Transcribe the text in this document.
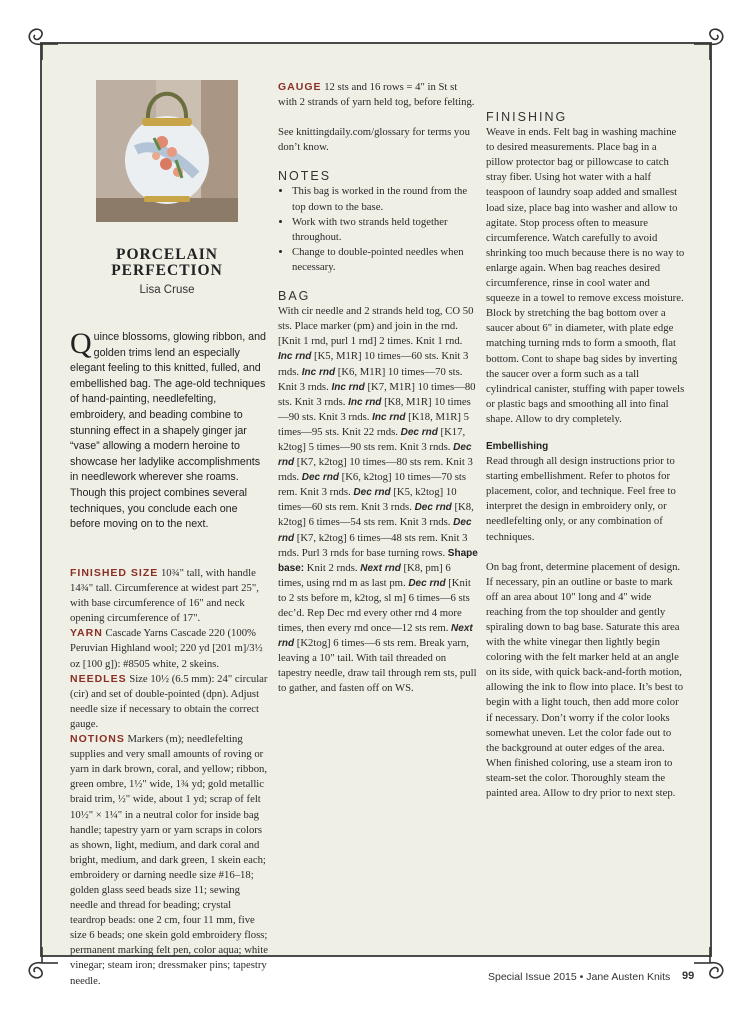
PORCELAIN
PERFECTION
Lisa Cruse
Quince blossoms, glowing ribbon, and golden trims lend an especially elegant feeling to this knitted, fulled, and embellished bag. The age-old techniques of hand-painting, needlefelting, embroidery, and beading combine to stunning effect in a shapely ginger jar “vase” allowing a modern heroine to showcase her ladylike accomplishments in needlework wherever she roams. Though this project combines several techniques, you conclude each one before moving on to the next.

FINISHED SIZE 10¾" tall, with handle 14¾" tall. Circumference at widest part 25", with base circumference of 16" and neck opening circumference of 17".

YARN Cascade Yarns Cascade 220 (100% Peruvian Highland wool; 220 yd [201 m]/3½ oz [100 g]): #8505 white, 2 skeins.

NEEDLES Size 10½ (6.5 mm): 24" circular (cir) and set of double-pointed (dpn). Adjust needle size if necessary to obtain the correct gauge.

NOTIONS Markers (m); needlefelting supplies and very small amounts of roving or yarn in dark brown, coral, and yellow; ribbon, green ombre, 1½" wide, 1¾ yd; gold metallic braid trim, ½" wide, about 1 yd; scrap of felt 10½" × 1¼" in a neutral color for inside bag handle; tapestry yarn or yarn scraps in colors as shown, light, medium, and dark coral and bright, medium, and dark green, 1 skein each; embroidery or darning needle size #16–18; golden glass seed beads size 11; sewing needle and thread for beading; crystal teardrop beads: one 2 cm, four 11 mm, five size 6 beads; one skein gold embroidery floss; permanent marking felt pen, color aqua; white vinegar; steam iron; dressmaker pins; tapestry needle.

GAUGE 12 sts and 16 rows = 4" in St st with 2 strands of yarn held tog, before felting.

See knittingdaily.com/glossary for terms you don’t know.

NOTES

• This bag is worked in the round from the top down to the base.
• Work with two strands held together throughout.
• Change to double-pointed needles when necessary.

BAG

With cir needle and 2 strands held tog, CO 50 sts. Place marker (pm) and join in the rnd.

[Knit 1 rnd, purl 1 rnd] 2 times. Knit 1 rnd. Inc rnd [K5, M1R] 10 times—60 sts. Knit 3 rnds. Inc rnd [K6, M1R] 10 times—70 sts. Knit 3 rnds. Inc rnd [K7, M1R] 10 times—80 sts. Knit 3 rnds. Inc rnd [K8, M1R] 10 times—90 sts. Knit 3 rnds. Inc rnd [K18, M1R] 5 times—95 sts. Knit 22 rnds. Dec rnd [K17, k2tog] 5 times—90 sts rem. Knit 3 rnds. Dec rnd [K7, k2tog] 10 times—80 sts rem. Knit 3 rnds. Dec rnd [K6, k2tog] 10 times—70 sts rem. Knit 3 rnds. Dec rnd [K5, k2tog] 10 times—60 sts rem. Knit 3 rnds. Dec rnd [K8, k2tog] 6 times—54 sts rem. Knit 3 rnds. Dec rnd [K7, k2tog] 6 times—48 sts rem. Knit 3 rnds. Purl 3 rnds for base turning rows. Shape base: Knit 2 rnds. Next rnd [K8, pm] 6 times, using rnd m as last pm. Dec rnd [Knit to 2 sts before m, k2tog, sl m] 6 times—6 sts dec’d. Rep Dec rnd every other rnd 4 more times, then every rnd once—12 sts rem. Next rnd [K2tog] 6 times—6 sts rem. Break yarn, leaving a 10" tail. With tail threaded on tapestry needle, draw tail through rem sts, pull to gather, and fasten off on WS.

FINISHING

Weave in ends. Felt bag in washing machine to desired measurements. Place bag in a pillow protector bag or pillowcase to catch stray fiber. Using hot water with a half teaspoon of laundry soap added and smallest load size, place bag into washer and allow to agitate. Stop process often to measure circumference. Watch carefully to avoid shrinking too much because there is no way to enlarge again. When bag reaches desired circumference, rinse in cool water and squeeze in a towel to remove excess moisture. Block by stretching the bag bottom over a saucer about 6" in diameter, with plate edge matching turning rnds to form a smooth, flat bottom. Cont to shape bag sides by inverting the saucer over a form such as a tall cylindrical canister, stuffing with paper towels or plastic bags and smoothing all into final shape. Allow to dry completely.

Embellishing

Read through all design instructions prior to starting embellishment. Refer to photos for placement, color, and technique. Feel free to interpret the design in embroidery only, or needlefelting only, or any combination of techniques.

On bag front, determine placement of design. If necessary, pin an outline or baste to mark off an area about 10" long and 4" wide reaching from the top shoulder and gently spiraling down to bag base. Saturate this area with the white vinegar then lightly begin coloring with the felt marker held at an angle on its side, with quick back-and-forth motion, allowing the ink to flow into place. It’s best to begin with a light touch, then add more color if necessary. Don’t worry if the color looks somewhat uneven. Let the color fade out to the background at outer edges of the area. When finished coloring, use a steam iron to steam-set the color. Thoroughly steam the painted area. Allow to dry prior to next step.

Special Issue 2015 • Jane Austen Knits 99
